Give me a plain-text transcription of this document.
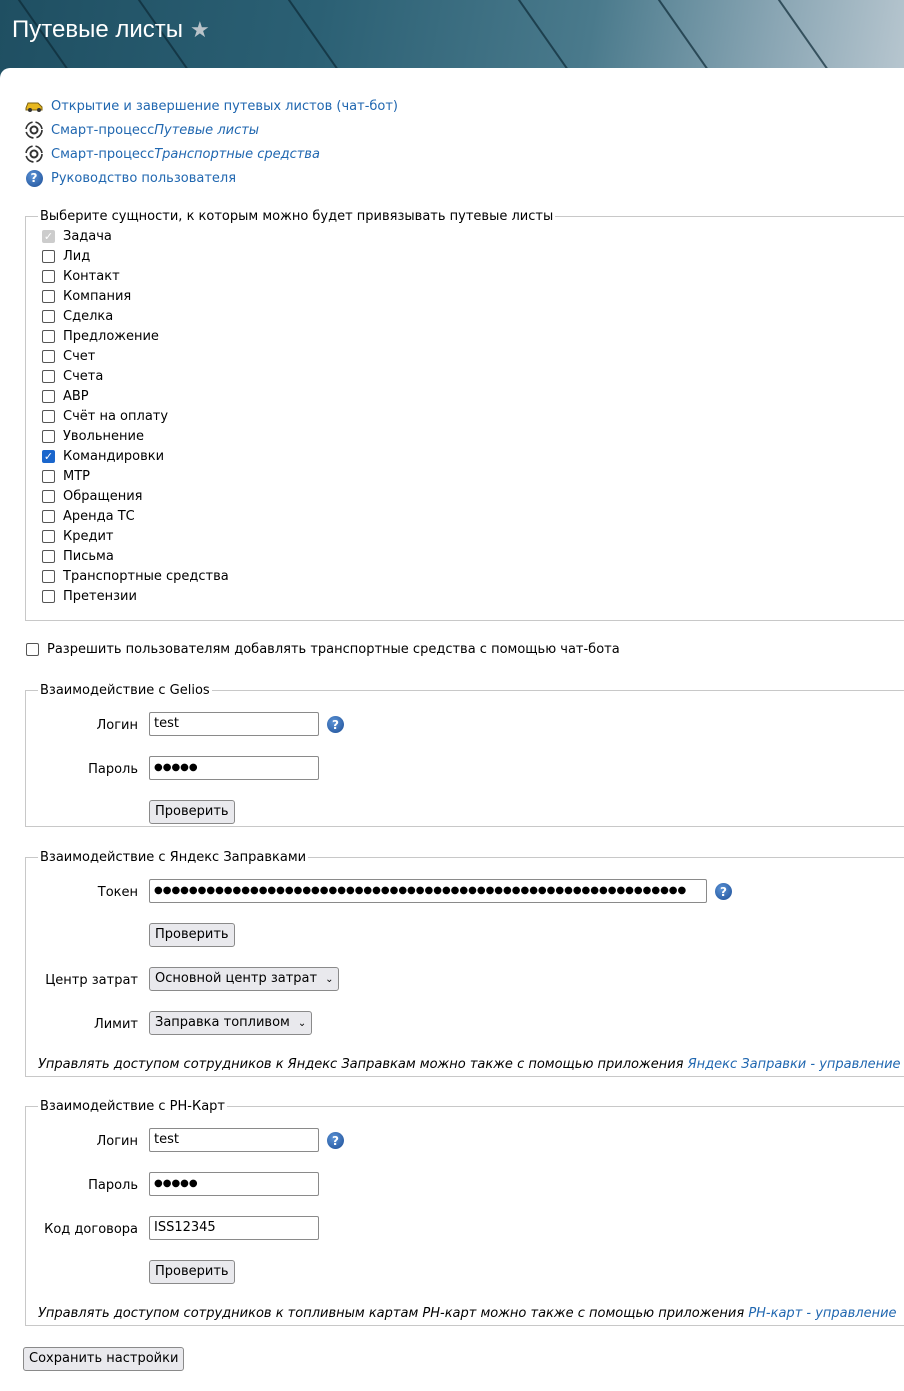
Путевые листы ★
Открытие и завершение путевых листов (чат-бот)
Смарт-процесс Путевые листы
Смарт-процесс Транспортные средства
?	Руководство пользователя
Выберите сущности, к которым можно будет привязывать путевые листы
✓ Задача
Лид
Контакт
Компания
Сделка
Предложение
Счет
Счета
АВР
Счёт на оплату
Увольнение
✓ Командировки
МТР
Обращения
Аренда ТС
Кредит
Письма
Транспортные средства
Претензии
Разрешить пользователям добавлять транспортные средства с помощью чат-бота
Взаимодействие с Gelios
Логин	test	?
Пароль	●●●●●
Проверить
Взаимодействие с Яндекс Заправками
Токен	●●●●●●●●●●●●●●●●●●●●●●●●●●●●●●●●●●●●●●●●●●●●●●●●●●●●●●●●●●●●●	?
Проверить
Центр затрат	Основной центр затрат ⌄
Лимит	Заправка топливом ⌄
Управлять доступом сотрудников к Яндекс Заправкам можно также с помощью приложения Яндекс Заправки - управление
Взаимодействие с РН-Карт
Логин	test	?
Пароль	●●●●●
Код договора	ISS12345
Проверить
Управлять доступом сотрудников к топливным картам РН-карт можно также с помощью приложения РН-карт - управление
Сохранить настройки
